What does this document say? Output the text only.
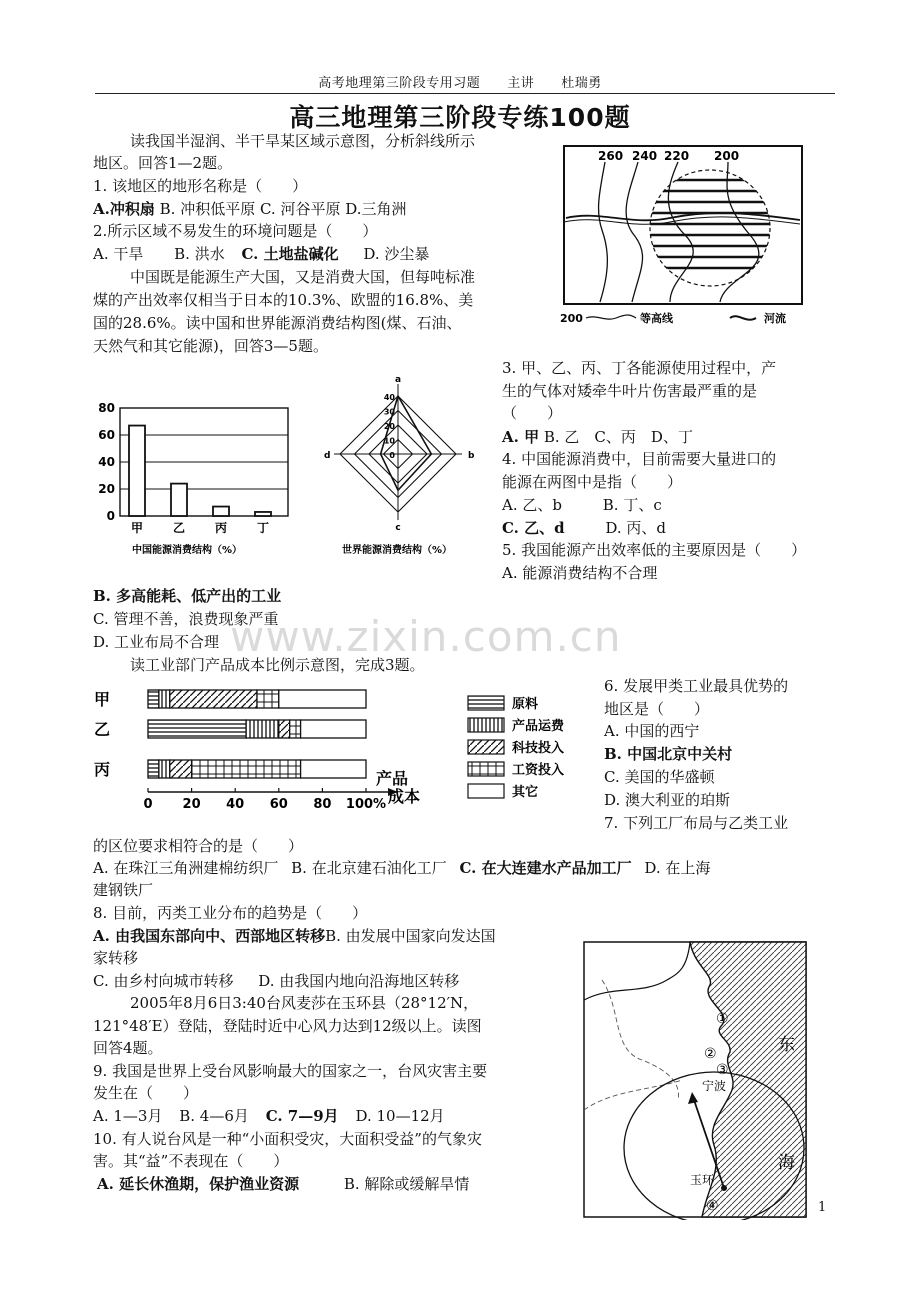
高考地理第三阶段专用习题　　主讲　　杜瑞勇
高三地理第三阶段专练100题
读我国半湿润、半干旱某区域示意图，分析斜线所示
地区。回答1—2题。
1. 该地区的地形名称是（　　）
A.冲积扇 B. 冲积低平原 C. 河谷平原 D.三角洲
2.所示区域不易发生的环境问题是（　　）
A. 干旱 B. 洪水 C. 土地盐碱化 D. 沙尘暴
中国既是能源生产大国，又是消费大国，但每吨标准
煤的产出效率仅相当于日本的10.3%、欧盟的16.8%、美
国的28.6%。读中国和世界能源消费结构图(煤、石油、
天然气和其它能源)，回答3—5题。
260 240 220 200
200	等高线	河流
0
20
40
60
80
甲 乙 丙 丁
40
30
20
10
0
a
b
c
d
中国能源消费结构（%）	世界能源消费结构（%）
3. 甲、乙、丙、丁各能源使用过程中，产
生的气体对矮牵牛叶片伤害最严重的是
（　　）
A. 甲 B. 乙　C、丙　D、丁
4. 中国能源消费中，目前需要大量进口的
能源在两图中是指（　　）
A. 乙、b	B. 丁、c
C. 乙、d	D. 丙、d
5. 我国能源产出效率低的主要原因是（　　）
A. 能源消费结构不合理
B. 多高能耗、低产出的工业
C. 管理不善，浪费现象严重
D. 工业布局不合理
读工业部门产品成本比例示意图，完成3题。
www.zixin.com.cn
甲
乙
丙
0 20 40 60 80 100%
产品
成本
原料
产品运费
科技投入
工资投入
其它
6. 发展甲类工业最具优势的
地区是（　　）
A. 中国的西宁
B. 中国北京中关村
C. 美国的华盛顿
D. 澳大利亚的珀斯
7. 下列工厂布局与乙类工业
的区位要求相符合的是（　　）
A. 在珠江三角洲建棉纺织厂 B. 在北京建石油化工厂 C. 在大连建水产品加工厂 D. 在上海
建钢铁厂
8. 目前，丙类工业分布的趋势是（　　）
A. 由我国东部向中、西部地区转移B. 由发展中国家向发达国
家转移
C. 由乡村向城市转移 D. 由我国内地向沿海地区转移
2005年8月6日3:40台风麦莎在玉环县（28°12′N，
121°48′E）登陆，登陆时近中心风力达到12级以上。读图
回答4题。
9. 我国是世界上受台风影响最大的国家之一，台风灾害主要
发生在（　　）
A. 1—3月 B. 4—6月 C. 7—9月 D. 10—12月
10. 有人说台风是一种“小面积受灾，大面积受益”的气象灾
害。其“益”不表现在（　　）
A. 延长休渔期，保护渔业资源	B. 解除或缓解旱情
宁波
玉环
东
海
①
②
③
④	1
